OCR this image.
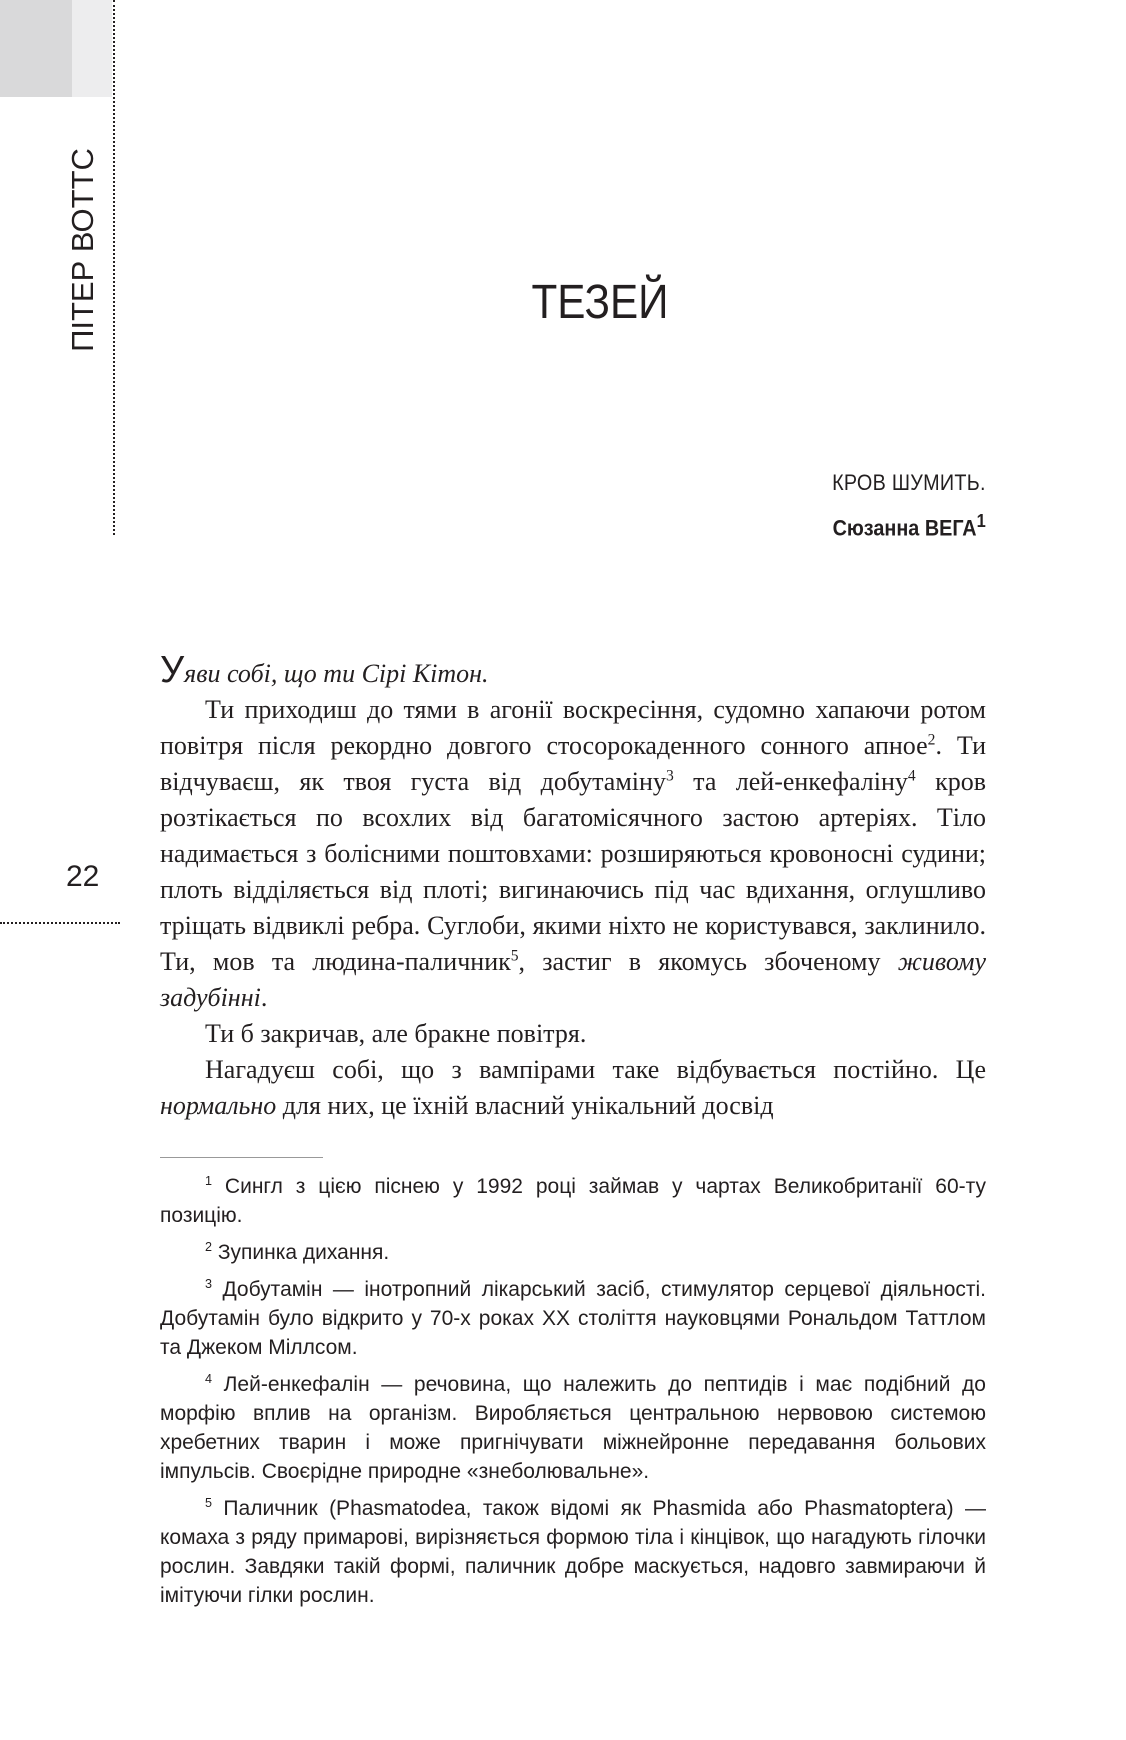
ПІТЕР ВОТТС
22
ТЕЗЕЙ
КРОВ ШУМИТЬ.
Сюзанна ВЕГА$^1$

Уяви собі, що ти Сірі Кітон.

Ти приходиш до тями в агонії воскресіння, судомно хапаючи ротом повітря після рекордно довгого стосорокаденного сонного апное$^2$. Ти відчуваєш, як твоя густа від добутаміну$^3$ та лей-енкефаліну$^4$ кров розтікається по всохлих від багатомісячного застою артеріях. Тіло надимається з болісними поштовхами: розширяються кровоносні судини; плоть відділяється від плоті; вигинаючись під час вдихання, оглушливо тріщать відвиклі ребра. Суглоби, якими ніхто не користувався, заклинило. Ти, мов та людина-паличник$^5$, застиг в якомусь збоченому живому задубінні.

Ти б закричав, але бракне повітря.

Нагадуєш собі, що з вампірами таке відбувається постійно. Це нормально для них, це їхній власний унікальний досвід

$^1$ Сингл з цією піснею у 1992 році займав у чартах Великобританії 60-ту позицію.

$^2$ Зупинка дихання.

$^3$ Добутамін — інотропний лікарський засіб, стимулятор серцевої діяльності. Добутамін було відкрито у 70-х роках XX століття науковцями Рональдом Таттлом та Джеком Міллсом.

$^4$ Лей-енкефалін — речовина, що належить до пептидів і має подібний до морфію вплив на організм. Виробляється центральною нервовою системою хребетних тварин і може пригнічувати міжнейронне передавання больових імпульсів. Своєрідне природне «знеболювальне».

$^5$ Паличник (Phasmatodea, також відомі як Phasmida або Phasmatoptera) — комаха з ряду примарові, вирізняється формою тіла і кінцівок, що нагадують гілочки рослин. Завдяки такій формі, паличник добре маскується, надовго завмираючи й імітуючи гілки рослин.
